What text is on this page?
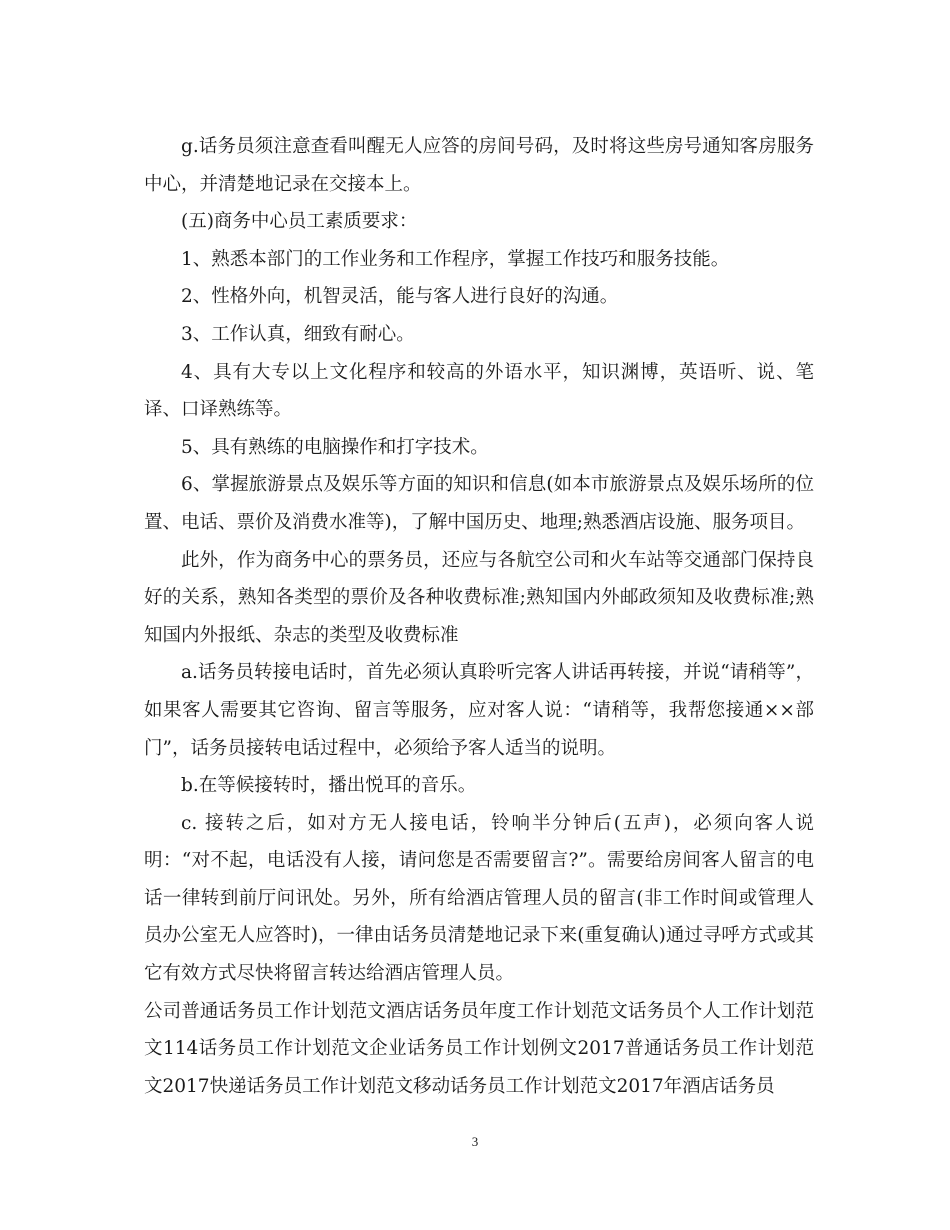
g.话务员须注意查看叫醒无人应答的房间号码，及时将这些房号通知客房服务中心，并清楚地记录在交接本上。

(五)商务中心员工素质要求：

1、熟悉本部门的工作业务和工作程序，掌握工作技巧和服务技能。

2、性格外向，机智灵活，能与客人进行良好的沟通。

3、工作认真，细致有耐心。

4、具有大专以上文化程序和较高的外语水平，知识渊博，英语听、说、笔译、口译熟练等。

5、具有熟练的电脑操作和打字技术。

6、掌握旅游景点及娱乐等方面的知识和信息(如本市旅游景点及娱乐场所的位置、电话、票价及消费水准等)，了解中国历史、地理;熟悉酒店设施、服务项目。

此外，作为商务中心的票务员，还应与各航空公司和火车站等交通部门保持良好的关系，熟知各类型的票价及各种收费标准;熟知国内外邮政须知及收费标准;熟知国内外报纸、杂志的类型及收费标准

a.话务员转接电话时，首先必须认真聆听完客人讲话再转接，并说“请稍等”，如果客人需要其它咨询、留言等服务，应对客人说：“请稍等，我帮您接通××部门”，话务员接转电话过程中，必须给予客人适当的说明。

b.在等候接转时，播出悦耳的音乐。

c. 接转之后，如对方无人接电话，铃响半分钟后(五声)，必须向客人说明：“对不起，电话没有人接，请问您是否需要留言?”。需要给房间客人留言的电话一律转到前厅问讯处。另外，所有给酒店管理人员的留言(非工作时间或管理人员办公室无人应答时)，一律由话务员清楚地记录下来(重复确认)通过寻呼方式或其它有效方式尽快将留言转达给酒店管理人员。

公司普通话务员工作计划范文酒店话务员年度工作计划范文话务员个人工作计划范文114话务员工作计划范文企业话务员工作计划例文2017普通话务员工作计划范文2017快递话务员工作计划范文移动话务员工作计划范文2017年酒店话务员

3
